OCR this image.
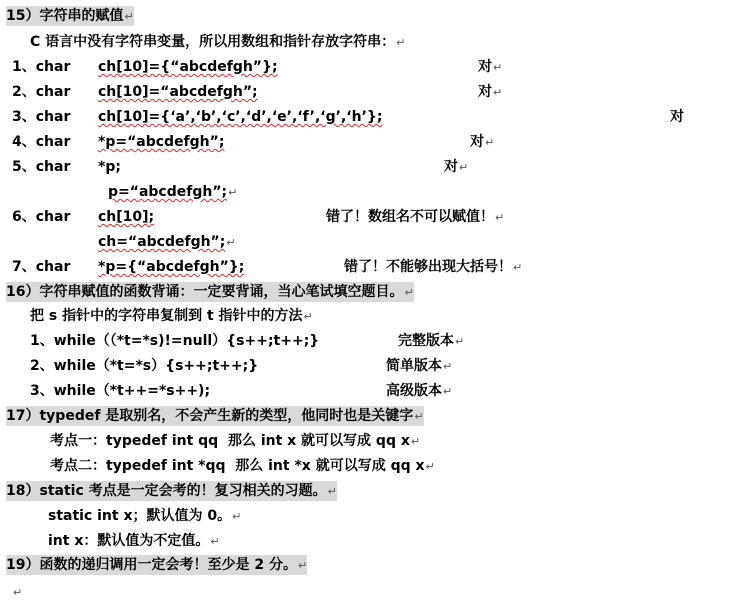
15）字符串的赋值↵
C 语言中没有字符串变量，所以用数组和指针存放字符串：↵
1、char ch[10]={“abcdefgh”};	对↵
2、char ch[10]=“abcdefgh”;	对↵
3、char ch[10]={‘a’,‘b’,‘c’,‘d’,‘e’,‘f’,‘g’,‘h’};	对
4、char *p=“abcdefgh”;	对↵
5、char *p;	对↵
p=“abcdefgh”;↵
6、char ch[10];	错了！数组名不可以赋值！↵
ch=“abcdefgh”;↵
7、char *p={“abcdefgh”};	错了！不能够出现大括号！↵
16）字符串赋值的函数背诵：一定要背诵，当心笔试填空题目。↵
把 s 指针中的字符串复制到 t 指针中的方法↵
1、while（（*t=*s)!=null）{s++;t++;}	完整版本↵
2、while（*t=*s）{s++;t++;}	简单版本↵
3、while（*t++=*s++);	高级版本↵
17）typedef 是取别名，不会产生新的类型，他同时也是关键字↵
考点一：typedef int qq  那么 int x 就可以写成 qq x↵
考点二：typedef int *qq  那么 int *x 就可以写成 qq x↵
18）static 考点是一定会考的！复习相关的习题。↵
static int x；默认值为 0。↵
int x：默认值为不定值。↵
19）函数的递归调用一定会考！至少是 2 分。↵
↵
